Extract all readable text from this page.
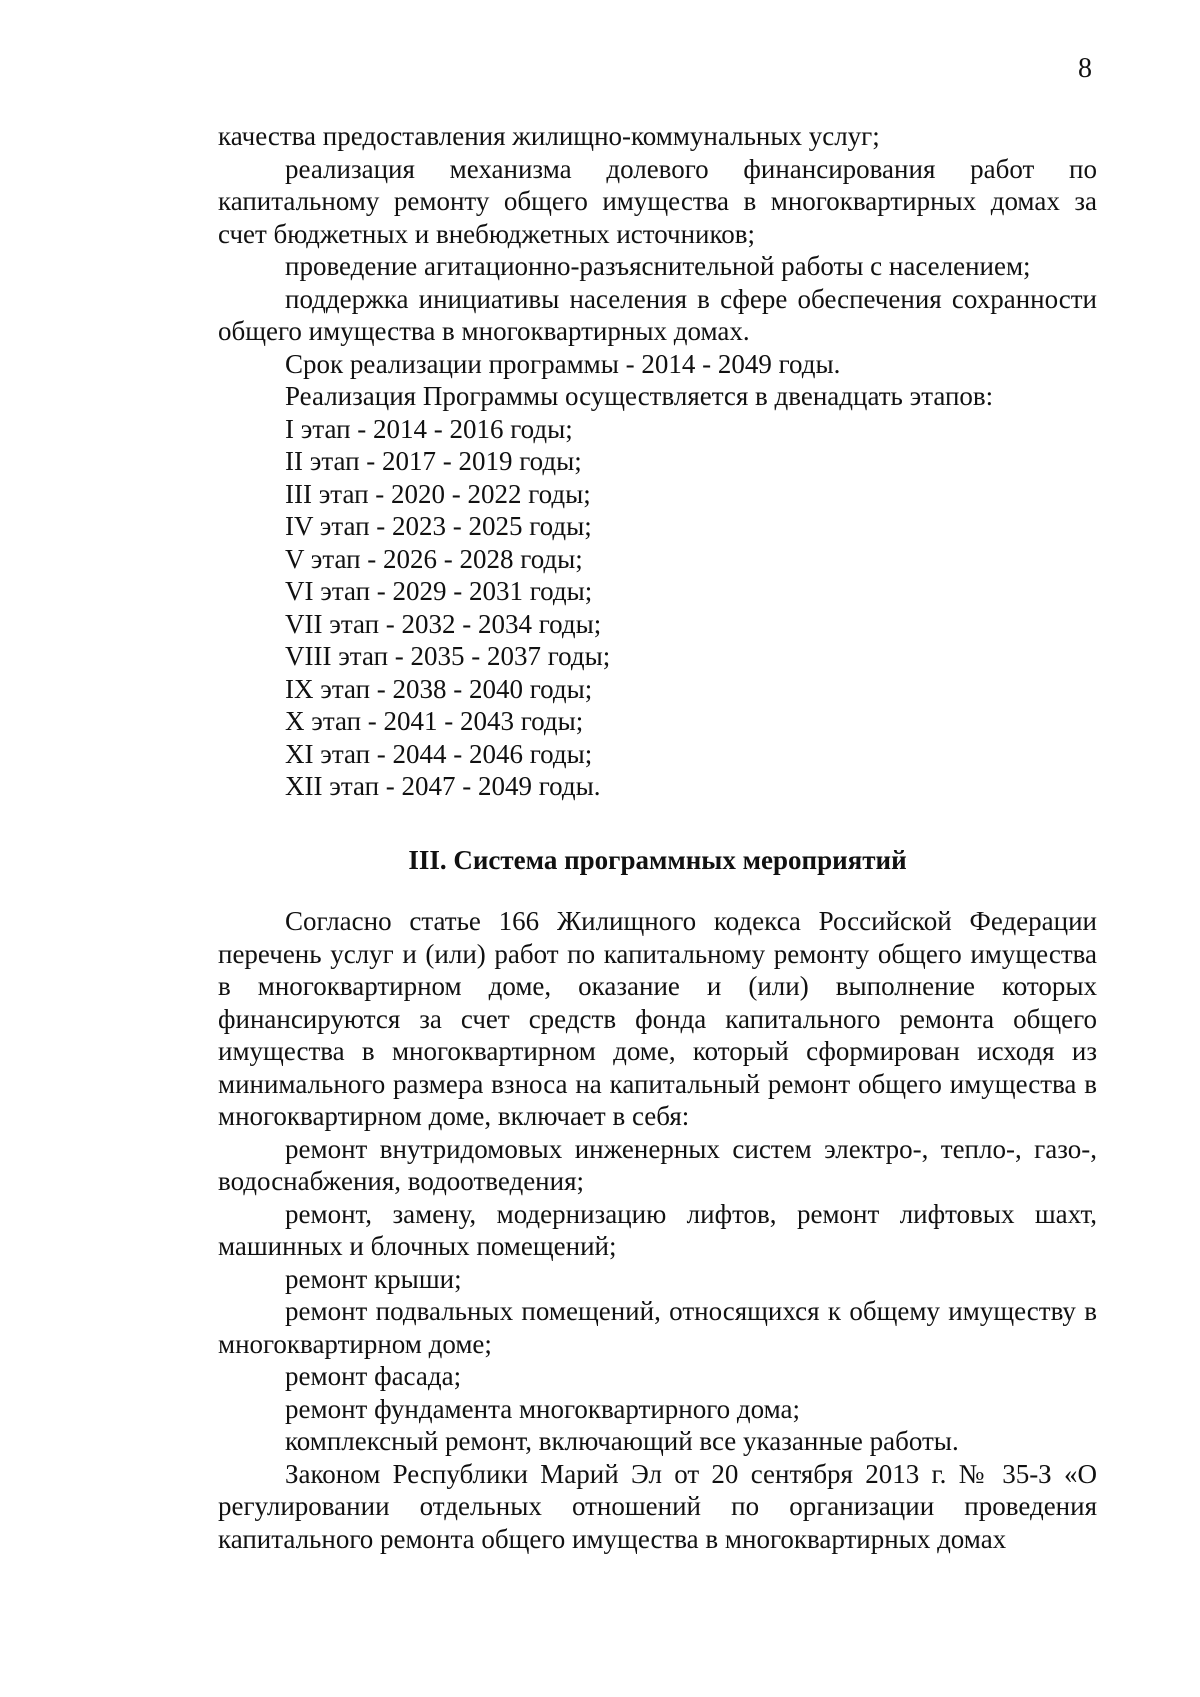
8

качества предоставления жилищно-коммунальных услуг;

реализация механизма долевого финансирования работ по капитальному ремонту общего имущества в многоквартирных домах за счет бюджетных и внебюджетных источников;

проведение агитационно-разъяснительной работы с населением;

поддержка инициативы населения в сфере обеспечения сохранности общего имущества в многоквартирных домах.

Срок реализации программы - 2014 - 2049 годы.

Реализация Программы осуществляется в двенадцать этапов:

I этап - 2014 - 2016 годы;
II этап - 2017 - 2019 годы;
III этап - 2020 - 2022 годы;
IV этап - 2023 - 2025 годы;
V этап - 2026 - 2028 годы;
VI этап - 2029 - 2031 годы;
VII этап - 2032 - 2034 годы;
VIII этап - 2035 - 2037 годы;
IX этап - 2038 - 2040 годы;
X этап - 2041 - 2043 годы;
XI этап - 2044 - 2046 годы;
XII этап - 2047 - 2049 годы.
III. Система программных мероприятий

Согласно статье 166 Жилищного кодекса Российской Федерации перечень услуг и (или) работ по капитальному ремонту общего имущества в многоквартирном доме, оказание и (или) выполнение которых финансируются за счет средств фонда капитального ремонта общего имущества в многоквартирном доме, который сформирован исходя из минимального размера взноса на капитальный ремонт общего имущества в многоквартирном доме, включает в себя:

ремонт внутридомовых инженерных систем электро-, тепло-, газо-, водоснабжения, водоотведения;

ремонт, замену, модернизацию лифтов, ремонт лифтовых шахт, машинных и блочных помещений;

ремонт крыши;

ремонт подвальных помещений, относящихся к общему имуществу в многоквартирном доме;

ремонт фасада;

ремонт фундамента многоквартирного дома;

комплексный ремонт, включающий все указанные работы.

Законом Республики Марий Эл от 20 сентября 2013 г. № 35-З «О регулировании отдельных отношений по организации проведения капитального ремонта общего имущества в многоквартирных домах
